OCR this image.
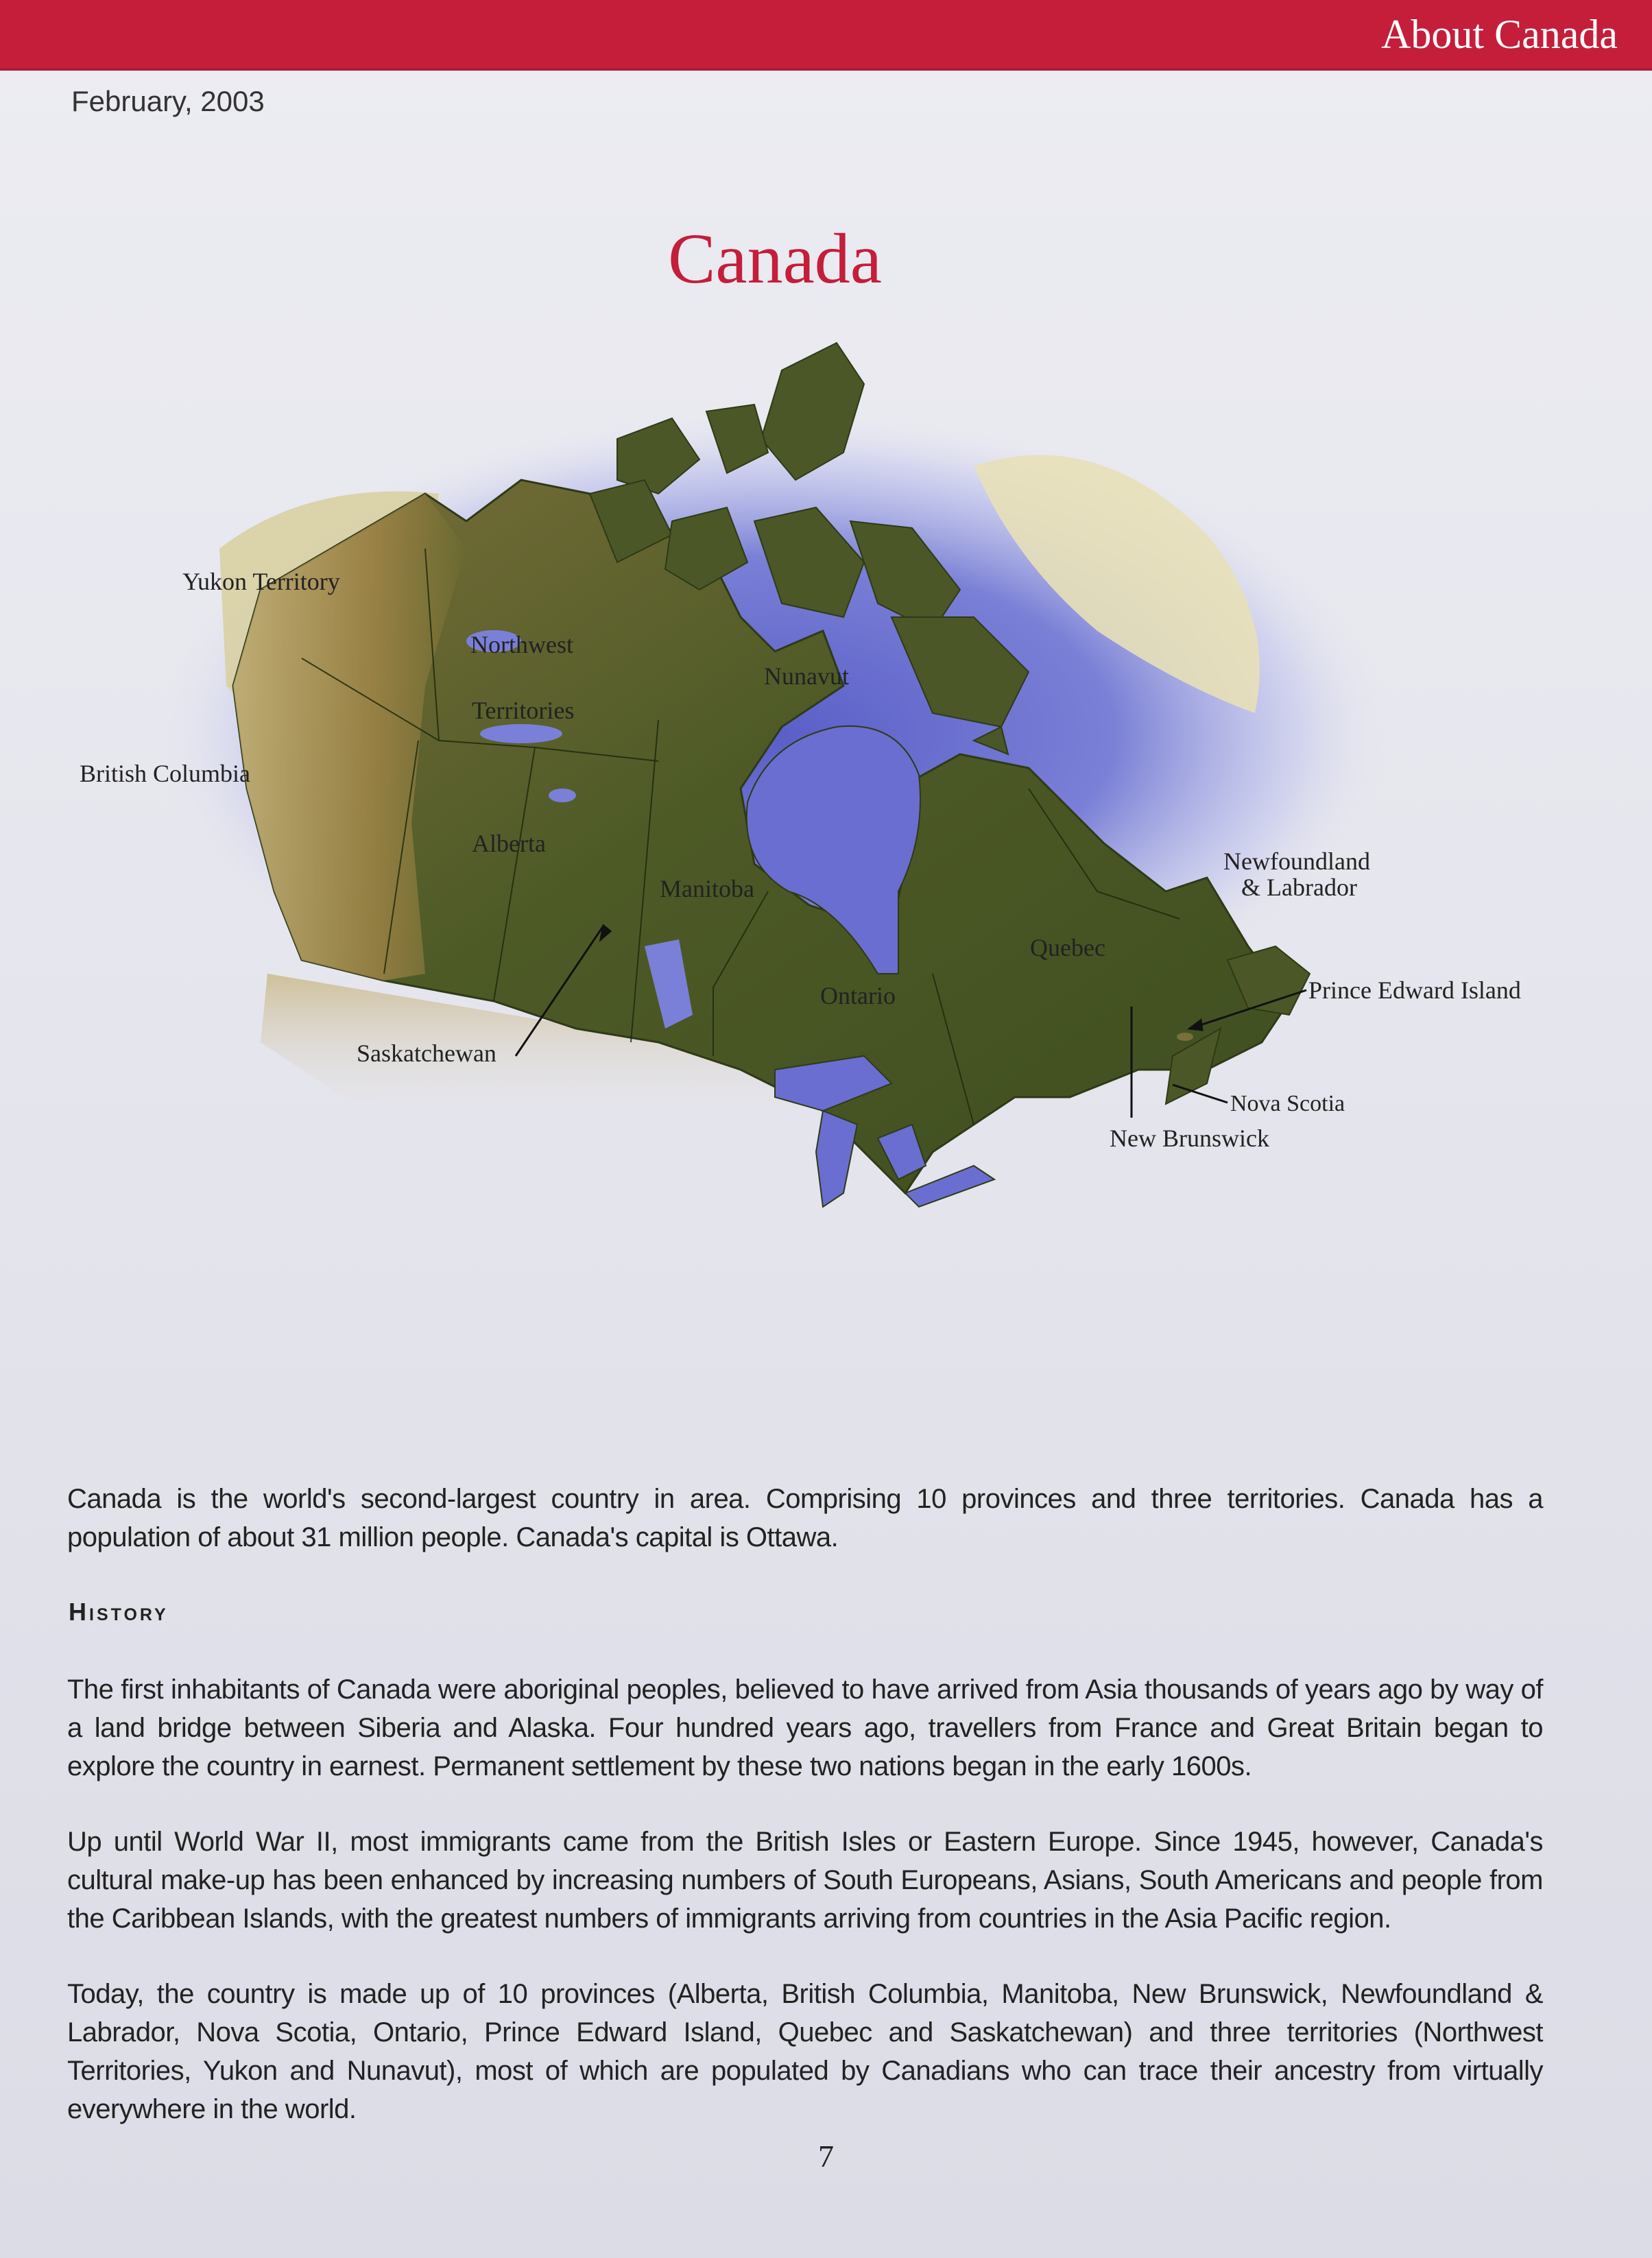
About Canada
February, 2003
Canada
Yukon Territory
Northwest
Territories
Nunavut
British Columbia
Alberta
Manitoba
Saskatchewan
Ontario
Quebec
Newfoundland
& Labrador
Prince Edward Island
Nova Scotia
New Brunswick
Canada is the world's second-largest country in area. Comprising 10 provinces and three territories. Canada has a population of about 31 million people. Canada's capital is Ottawa.
History
The first inhabitants of Canada were aboriginal peoples, believed to have arrived from Asia thousands of years ago by way of a land bridge between Siberia and Alaska. Four hundred years ago, travellers from France and Great Britain began to explore the country in earnest. Permanent settlement by these two nations began in the early 1600s.
Up until World War II, most immigrants came from the British Isles or Eastern Europe. Since 1945, however, Canada's cultural make-up has been enhanced by increasing numbers of South Europeans, Asians, South Americans and people from the Caribbean Islands, with the greatest numbers of immigrants arriving from countries in the Asia Pacific region.
Today, the country is made up of 10 provinces (Alberta, British Columbia, Manitoba, New Brunswick, Newfoundland & Labrador, Nova Scotia, Ontario, Prince Edward Island, Quebec and Saskatchewan) and three territories (Northwest Territories, Yukon and Nunavut), most of which are populated by Canadians who can trace their ancestry from virtually everywhere in the world.
7
